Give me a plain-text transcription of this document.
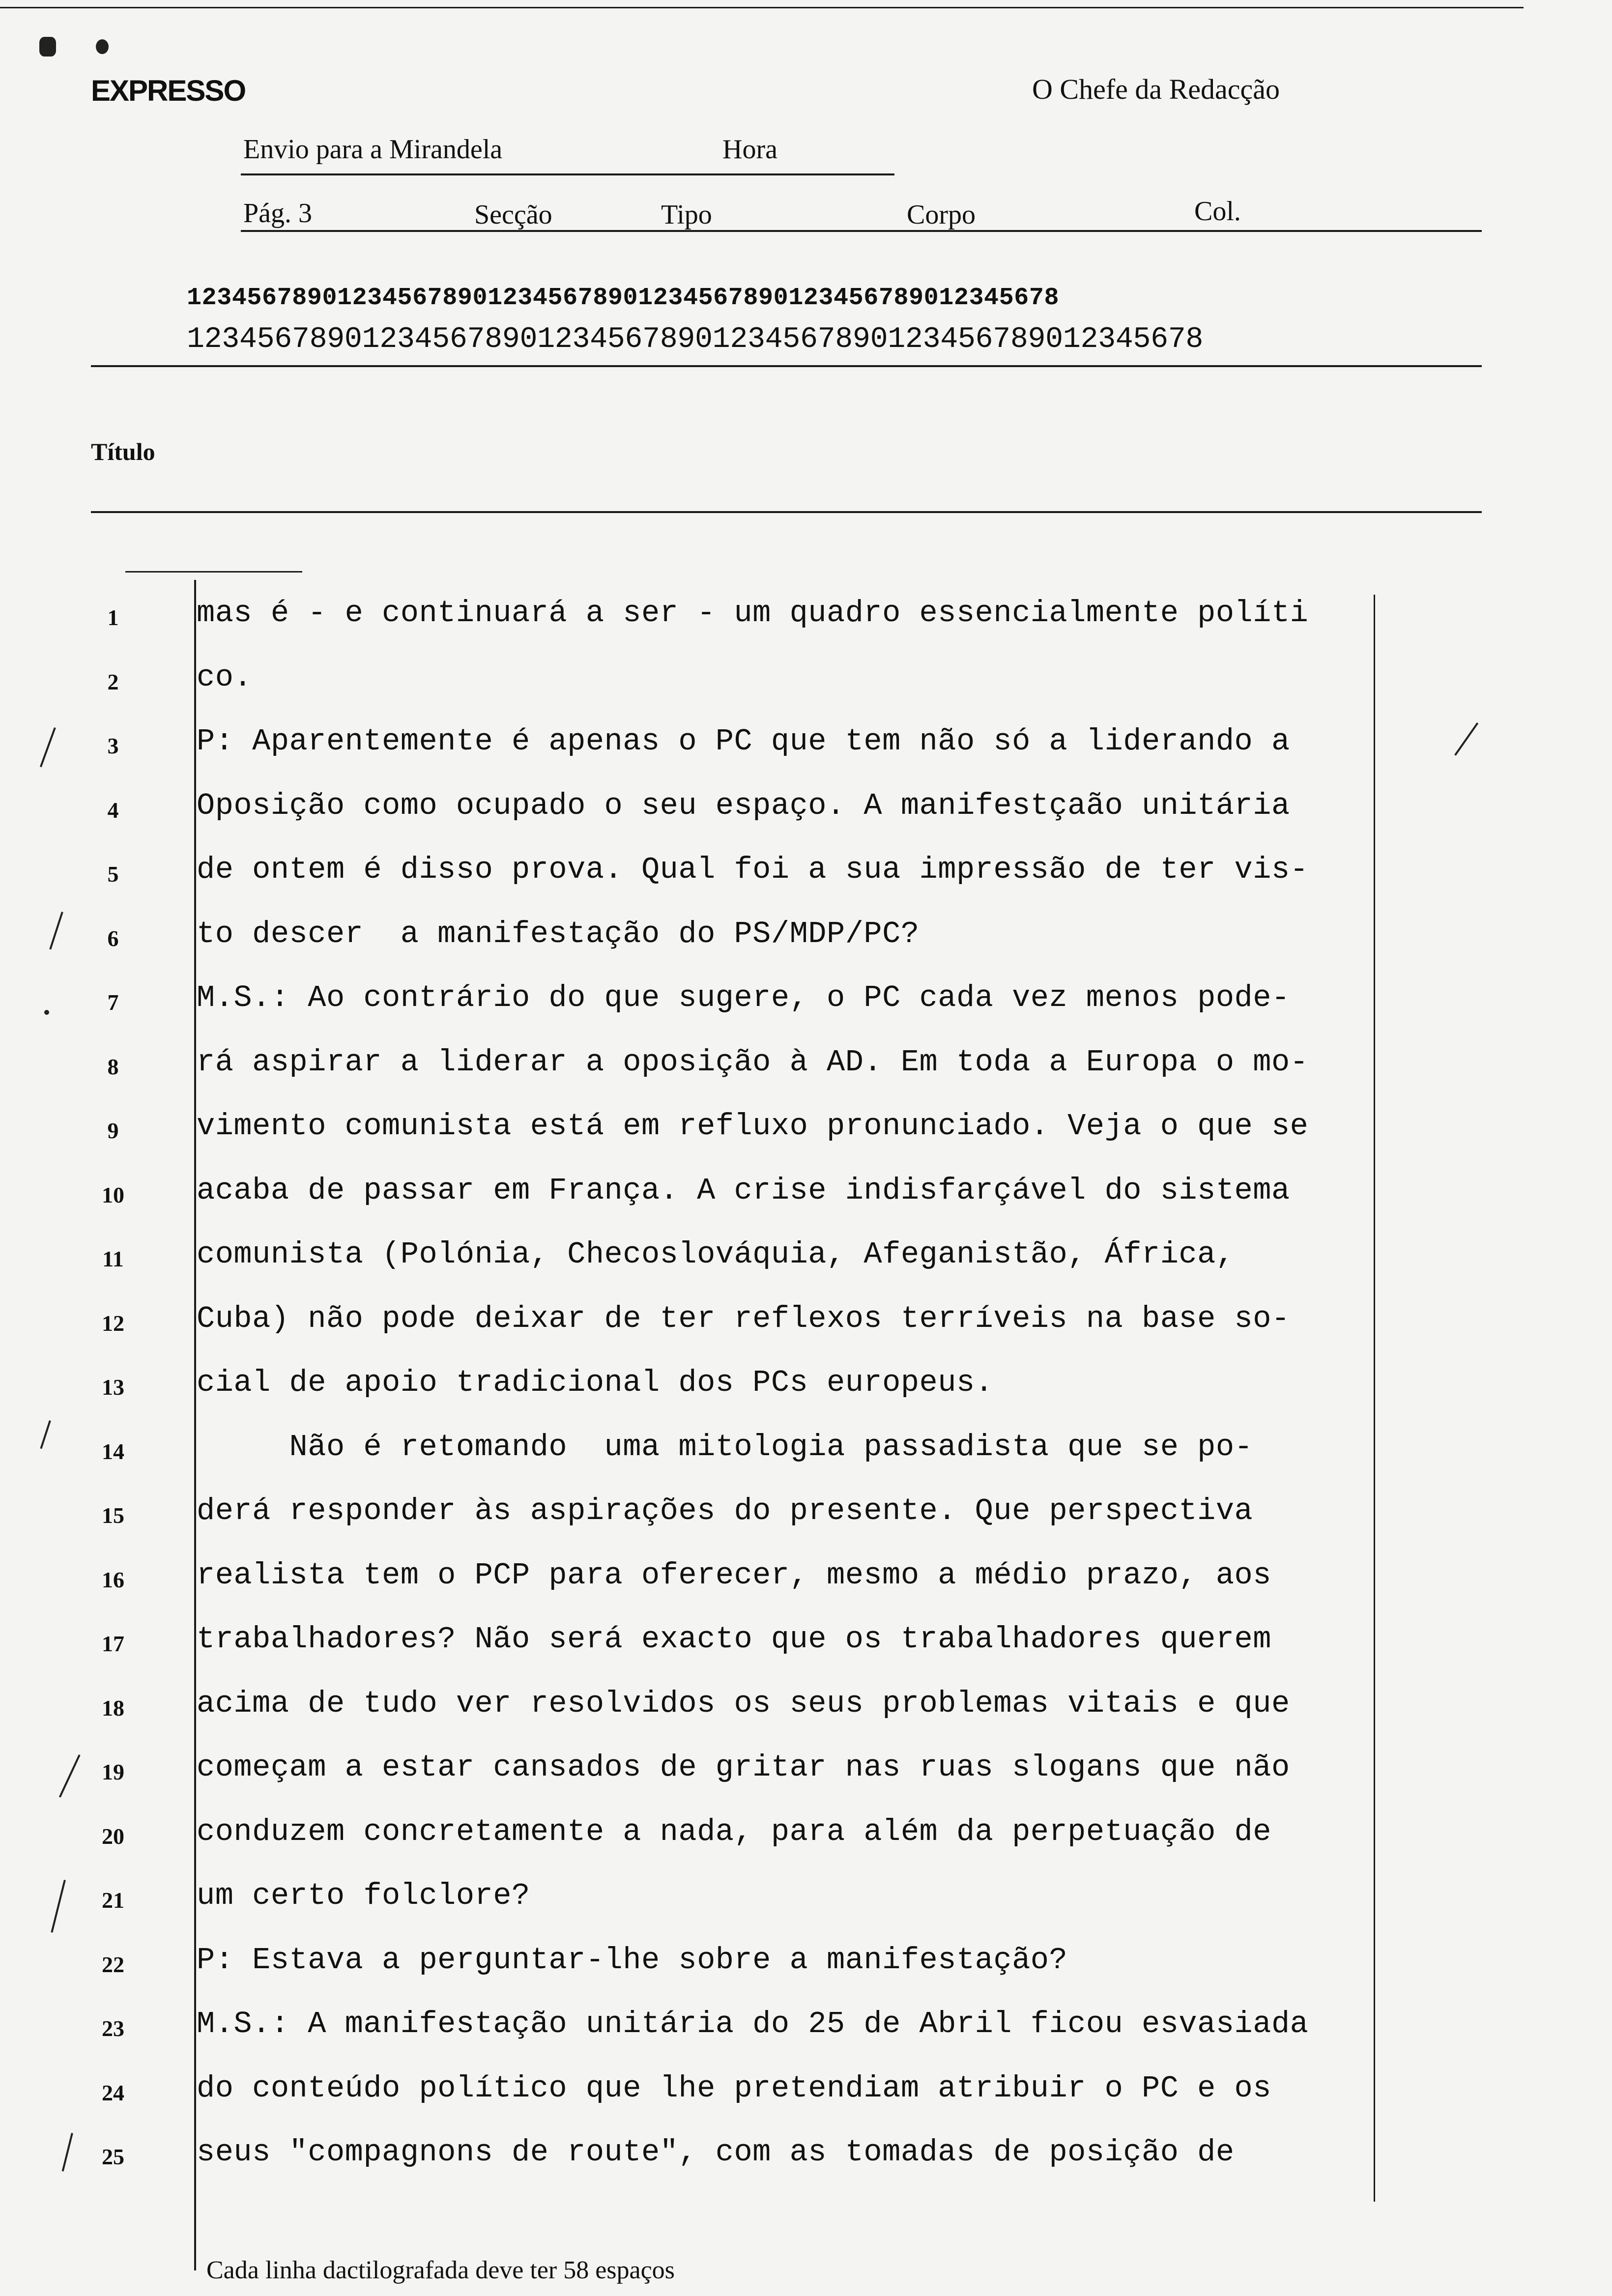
EXPRESSO	O Chefe da Redacção
Envio para a Mirandela	Hora
Pág. 3	Secção	Tipo	Corpo	Col.
1234567890123456789012345678901234567890123456789012345678
1234567890123456789012345678901234567890123456789012345678
Título
1	mas é - e continuará a ser - um quadro essencialmente políti
2	co.
3	P: Aparentemente é apenas o PC que tem não só a liderando a
4	Oposição como ocupado o seu espaço. A manifestçaão unitária
5	de ontem é disso prova. Qual foi a sua impressão de ter vis-
6	to descer  a manifestação do PS/MDP/PC?
7	M.S.: Ao contrário do que sugere, o PC cada vez menos pode-
8	rá aspirar a liderar a oposição à AD. Em toda a Europa o mo-
9	vimento comunista está em refluxo pronunciado. Veja o que se
10	acaba de passar em França. A crise indisfarçável do sistema
11	comunista (Polónia, Checoslováquia, Afeganistão, África,
12	Cuba) não pode deixar de ter reflexos terríveis na base so-
13	cial de apoio tradicional dos PCs europeus.
14	Não é retomando  uma mitologia passadista que se po-
15	derá responder às aspirações do presente. Que perspectiva
16	realista tem o PCP para oferecer, mesmo a médio prazo, aos
17	trabalhadores? Não será exacto que os trabalhadores querem
18	acima de tudo ver resolvidos os seus problemas vitais e que
19	começam a estar cansados de gritar nas ruas slogans que não
20	conduzem concretamente a nada, para além da perpetuação de
21	um certo folclore?
22	P: Estava a perguntar-lhe sobre a manifestação?
23	M.S.: A manifestação unitária do 25 de Abril ficou esvasiada
24	do conteúdo político que lhe pretendiam atribuir o PC e os
25	seus "compagnons de route", com as tomadas de posição de
Cada linha dactilografada deve ter 58 espaços
